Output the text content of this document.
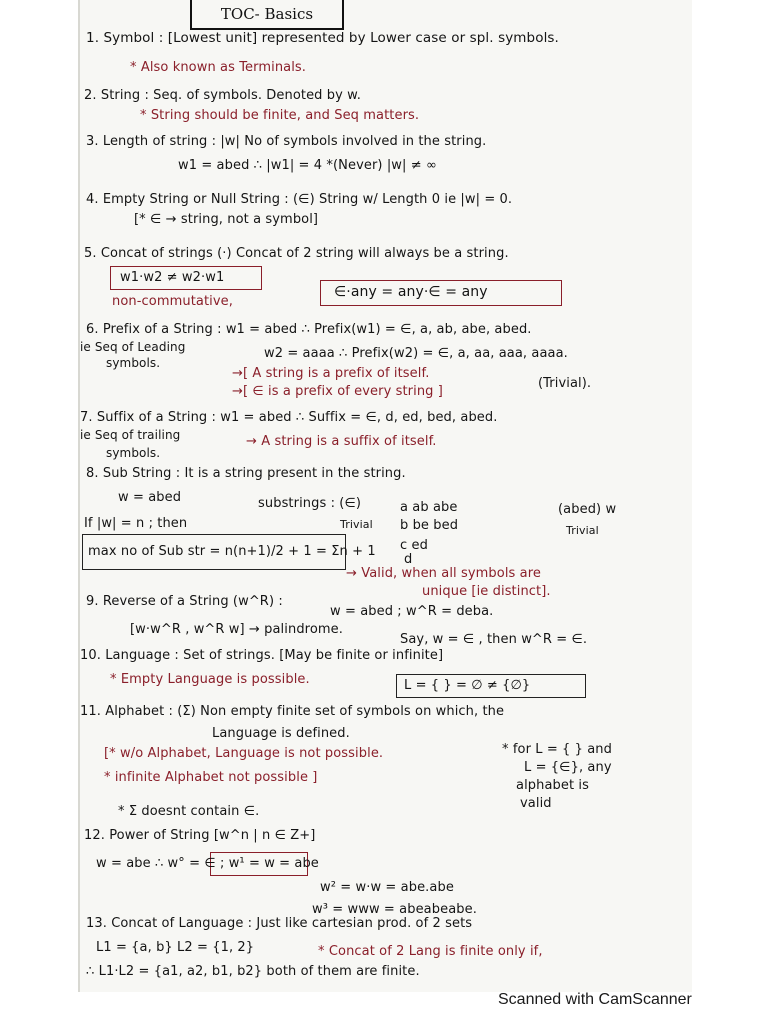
TOC- Basics
1. Symbol : [Lowest unit] represented by Lower case or spl. symbols.
* Also known as Terminals.
2. String : Seq. of symbols. Denoted by w.
* String should be finite, and Seq matters.
3. Length of string : |w| No of symbols involved in the string.
w1 = abed ∴ |w1| = 4 *(Never) |w| ≠ ∞
4. Empty String or Null String : (∈) String w/ Length 0 ie |w| = 0.
[* ∈ → string, not a symbol]
5. Concat of strings (·) Concat of 2 string will always be a string.
w1·w2 ≠ w2·w1
∈·any = any·∈ = any
non-commutative,
6. Prefix of a String : w1 = abed ∴ Prefix(w1) = ∈, a, ab, abe, abed.
ie Seq of Leading	w2 = aaaa ∴ Prefix(w2) = ∈, a, aa, aaa, aaaa.
symbols.
→[ A string is a prefix of itself.
→[ ∈ is a prefix of every string ]
(Trivial).
7. Suffix of a String : w1 = abed ∴ Suffix = ∈, d, ed, bed, abed.
ie Seq of trailing	→ A string is a suffix of itself.
symbols.
8. Sub String : It is a string present in the string.
w = abed	substrings : (∈)	a ab abe	(abed) w
Trivial b be bed	Trivial
If |w| = n ; then
c ed
max no of Sub str = n(n+1)/2 + 1 = Σn + 1
d
→ Valid, when all symbols are
unique [ie distinct].
9. Reverse of a String (w^R) :
w = abed ; w^R = deba.
[w·w^R , w^R w] → palindrome.
Say, w = ∈ , then w^R = ∈.
10. Language : Set of strings. [May be finite or infinite]
* Empty Language is possible.	L = { } = ∅ ≠ {∅}
11. Alphabet : (Σ) Non empty finite set of symbols on which, the
Language is defined.
* for L = { } and
[* w/o Alphabet, Language is not possible.
L = {∈}, any
* infinite Alphabet not possible ]
alphabet is
valid
* Σ doesnt contain ∈.
12. Power of String [w^n | n ∈ Z+]
w = abe ∴ w° = ∈ ; w¹ = w = abe
w² = w·w = abe.abe
w³ = www = abeabeabe.
13. Concat of Language : Just like cartesian prod. of 2 sets
L1 = {a, b} L2 = {1, 2}	* Concat of 2 Lang is finite only if,
∴ L1·L2 = {a1, a2, b1, b2} both of them are finite.
Scanned with CamScanner
